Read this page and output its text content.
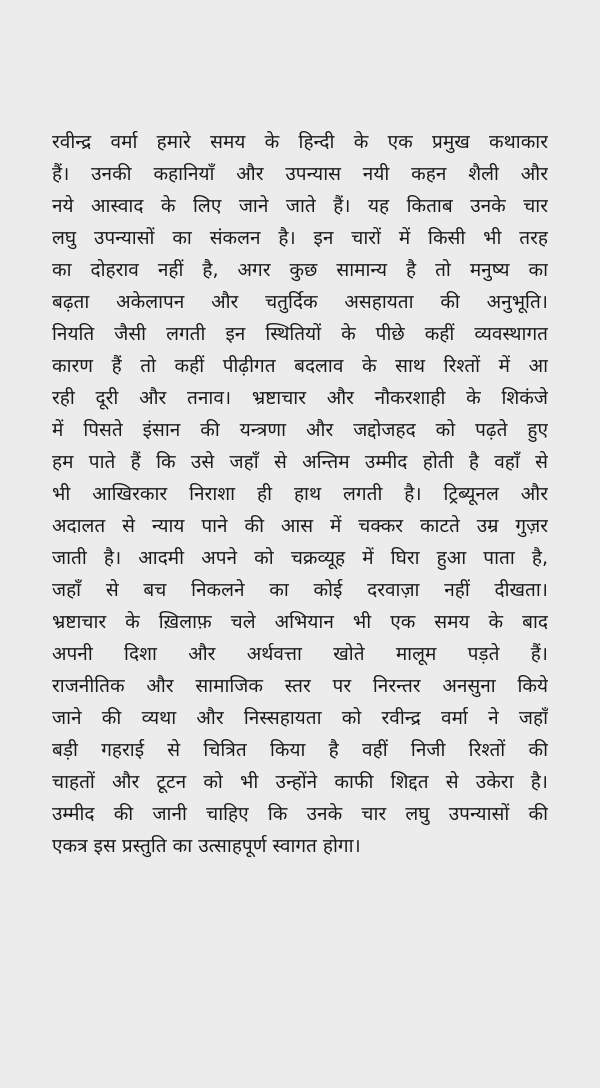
रवीन्द्र वर्मा हमारे समय के हिन्दी के एक प्रमुख कथाकार
हैं। उनकी कहानियाँ और उपन्यास नयी कहन शैली और
नये आस्वाद के लिए जाने जाते हैं। यह किताब उनके चार
लघु उपन्यासों का संकलन है। इन चारों में किसी भी तरह
का दोहराव नहीं है, अगर कुछ सामान्य है तो मनुष्य का
बढ़ता अकेलापन और चतुर्दिक असहायता की अनुभूति।
नियति जैसी लगती इन स्थितियों के पीछे कहीं व्यवस्थागत
कारण हैं तो कहीं पीढ़ीगत बदलाव के साथ रिश्तों में आ
रही दूरी और तनाव। भ्रष्टाचार और नौकरशाही के शिकंजे
में पिसते इंसान की यन्त्रणा और जद्दोजहद को पढ़ते हुए
हम पाते हैं कि उसे जहाँ से अन्तिम उम्मीद होती है वहाँ से
भी आखिरकार निराशा ही हाथ लगती है। ट्रिब्यूनल और
अदालत से न्याय पाने की आस में चक्कर काटते उम्र गुज़र
जाती है। आदमी अपने को चक्रव्यूह में घिरा हुआ पाता है,
जहाँ से बच निकलने का कोई दरवाज़ा नहीं दीखता।
भ्रष्टाचार के ख़िलाफ़ चले अभियान भी एक समय के बाद
अपनी दिशा और अर्थवत्ता खोते मालूम पड़ते हैं।
राजनीतिक और सामाजिक स्तर पर निरन्तर अनसुना किये
जाने की व्यथा और निस्सहायता को रवीन्द्र वर्मा ने जहाँ
बड़ी गहराई से चित्रित किया है वहीं निजी रिश्तों की
चाहतों और टूटन को भी उन्होंने काफी शिद्दत से उकेरा है।
उम्मीद की जानी चाहिए कि उनके चार लघु उपन्यासों की
एकत्र इस प्रस्तुति का उत्साहपूर्ण स्वागत होगा।
